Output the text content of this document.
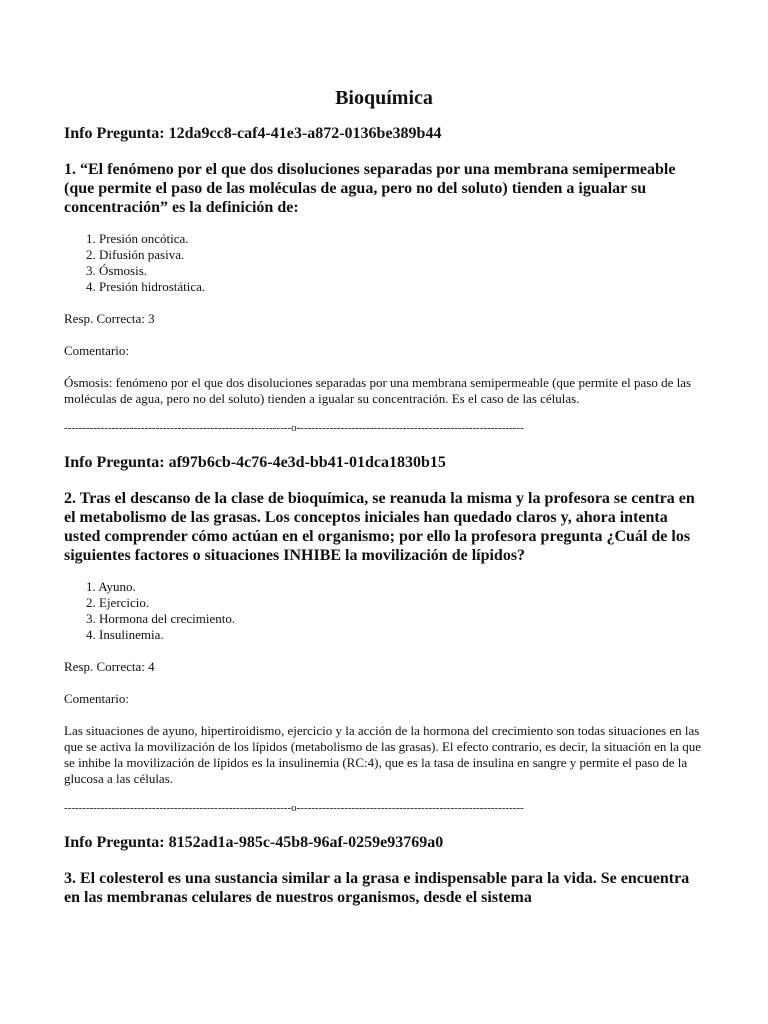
Bioquímica
Info Pregunta: 12da9cc8-caf4-41e3-a872-0136be389b44
1. “El fenómeno por el que dos disoluciones separadas por una membrana semipermeable (que permite el paso de las moléculas de agua, pero no del soluto) tienden a igualar su concentración” es la definición de:
1. Presión oncótica.
2. Difusión pasiva.
3. Ósmosis.
4. Presión hidrostática.
Resp. Correcta: 3
Comentario:
Ósmosis: fenómeno por el que dos disoluciones separadas por una membrana semipermeable (que permite el paso de las moléculas de agua, pero no del soluto) tienden a igualar su concentración. Es el caso de las células.
--------------------------------------------------------------o--------------------------------------------------------------
Info Pregunta: af97b6cb-4c76-4e3d-bb41-01dca1830b15
2. Tras el descanso de la clase de bioquímica, se reanuda la misma y la profesora se centra en el metabolismo de las grasas. Los conceptos iniciales han quedado claros y, ahora intenta usted comprender cómo actúan en el organismo; por ello la profesora pregunta ¿Cuál de los siguientes factores o situaciones INHIBE la movilización de lípidos?
1. Ayuno.
2. Ejercicio.
3. Hormona del crecimiento.
4. Insulinemia.
Resp. Correcta: 4
Comentario:
Las situaciones de ayuno, hipertiroidismo, ejercicio y la acción de la hormona del crecimiento son todas situaciones en las que se activa la movilización de los lípidos (metabolismo de las grasas). El efecto contrario, es decir, la situación en la que se inhibe la movilización de lípidos es la insulinemia (RC:4), que es la tasa de insulina en sangre y permite el paso de la glucosa a las células.
--------------------------------------------------------------o--------------------------------------------------------------
Info Pregunta: 8152ad1a-985c-45b8-96af-0259e93769a0
3. El colesterol es una sustancia similar a la grasa e indispensable para la vida. Se encuentra en las membranas celulares de nuestros organismos, desde el sistema
